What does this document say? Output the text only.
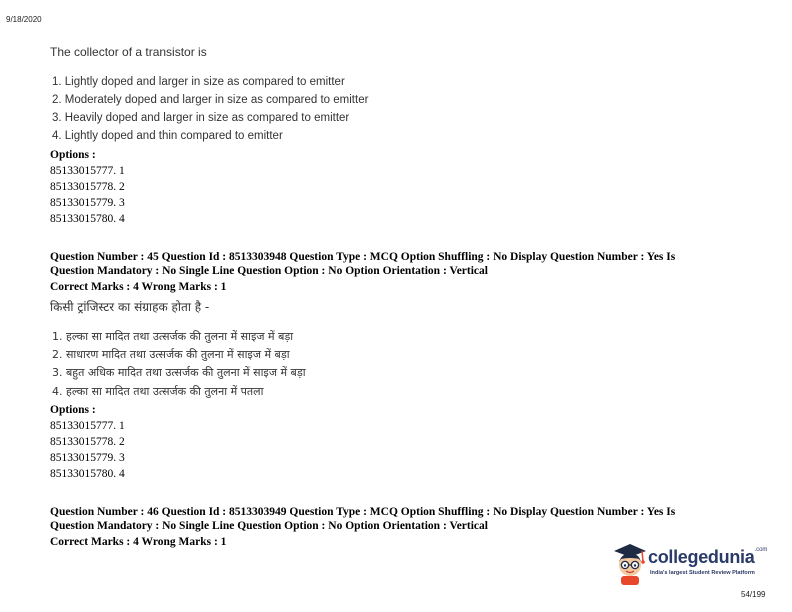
9/18/2020
The collector of a transistor is
1. Lightly doped and larger in size as compared to emitter
2. Moderately doped and larger in size as compared to emitter
3. Heavily doped and larger in size as compared to emitter
4. Lightly doped and thin compared to emitter
Options :
85133015777. 1
85133015778. 2
85133015779. 3
85133015780. 4
Question Number : 45 Question Id : 8513303948 Question Type : MCQ Option Shuffling : No Display Question Number : Yes Is
Question Mandatory : No Single Line Question Option : No Option Orientation : Vertical
Correct Marks : 4 Wrong Marks : 1
किसी ट्रांजिस्टर का संग्राहक होता है -
1. हल्का सा मादित तथा उत्सर्जक की तुलना में साइज में बड़ा
2. साधारण मादित तथा उत्सर्जक की तुलना में साइज में बड़ा
3. बहुत अधिक मादित तथा उत्सर्जक की तुलना में साइज में बड़ा
4. हल्का सा मादित तथा उत्सर्जक की तुलना में पतला
Options :
85133015777. 1
85133015778. 2
85133015779. 3
85133015780. 4
Question Number : 46 Question Id : 8513303949 Question Type : MCQ Option Shuffling : No Display Question Number : Yes Is
Question Mandatory : No Single Line Question Option : No Option Orientation : Vertical
Correct Marks : 4 Wrong Marks : 1
collegedunia$^{.com}$
India's largest Student Review Platform
54/199
